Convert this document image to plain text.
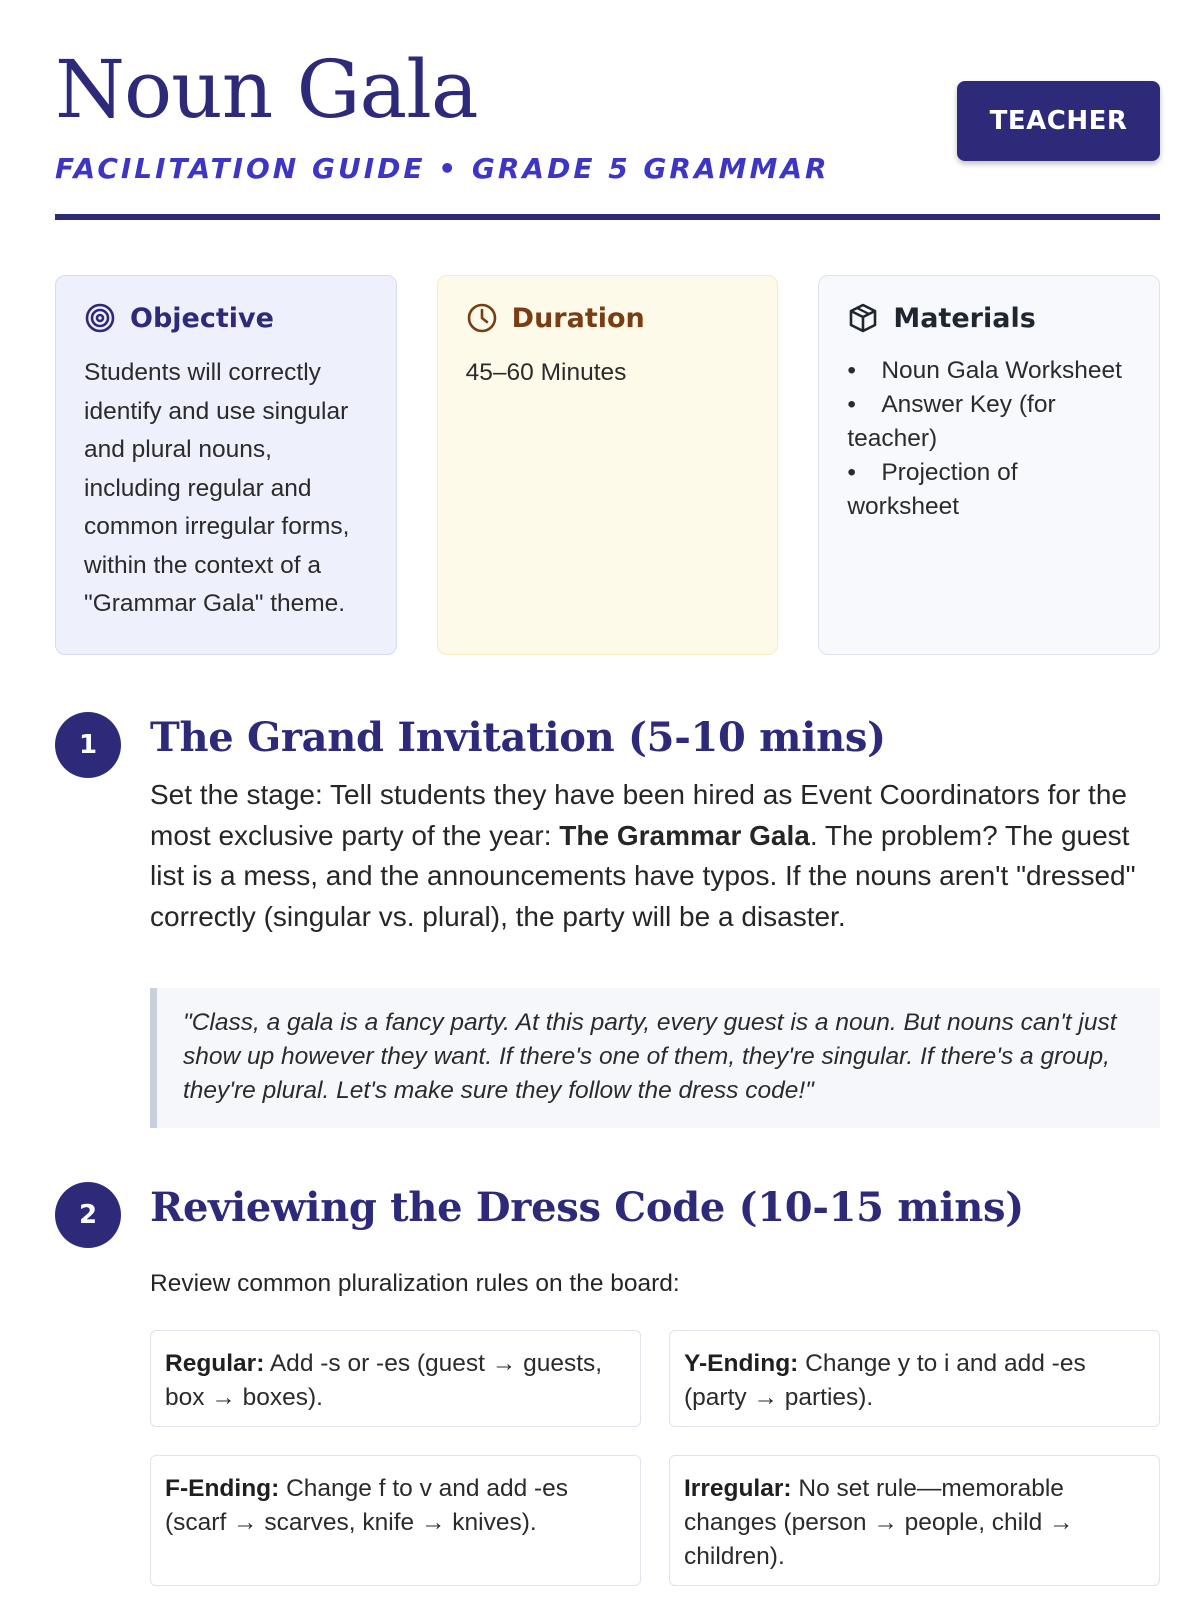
Noun Gala
FACILITATION GUIDE • GRADE 5 GRAMMAR
TEACHER
Objective

Students will correctly identify and use singular and plural nouns, including regular and common irregular forms, within the context of a "Grammar Gala" theme.

Duration

45–60 Minutes

Materials
• Noun Gala Worksheet
• Answer Key (for teacher)
• Projection of worksheet
1	The Grand Invitation (5-10 mins)

Set the stage: Tell students they have been hired as Event Coordinators for the most exclusive party of the year: The Grammar Gala. The problem? The guest list is a mess, and the announcements have typos. If the nouns aren't "dressed" correctly (singular vs. plural), the party will be a disaster.

"Class, a gala is a fancy party. At this party, every guest is a noun. But nouns can't just show up however they want. If there's one of them, they're singular. If there's a group, they're plural. Let's make sure they follow the dress code!"
2	Reviewing the Dress Code (10-15 mins)

Review common pluralization rules on the board:

Regular: Add -s or -es (guest → guests, box → boxes).
Y-Ending: Change y to i and add -es (party → parties).
F-Ending: Change f to v and add -es (scarf → scarves, knife → knives).
Irregular: No set rule—memorable changes (person → people, child → children).
